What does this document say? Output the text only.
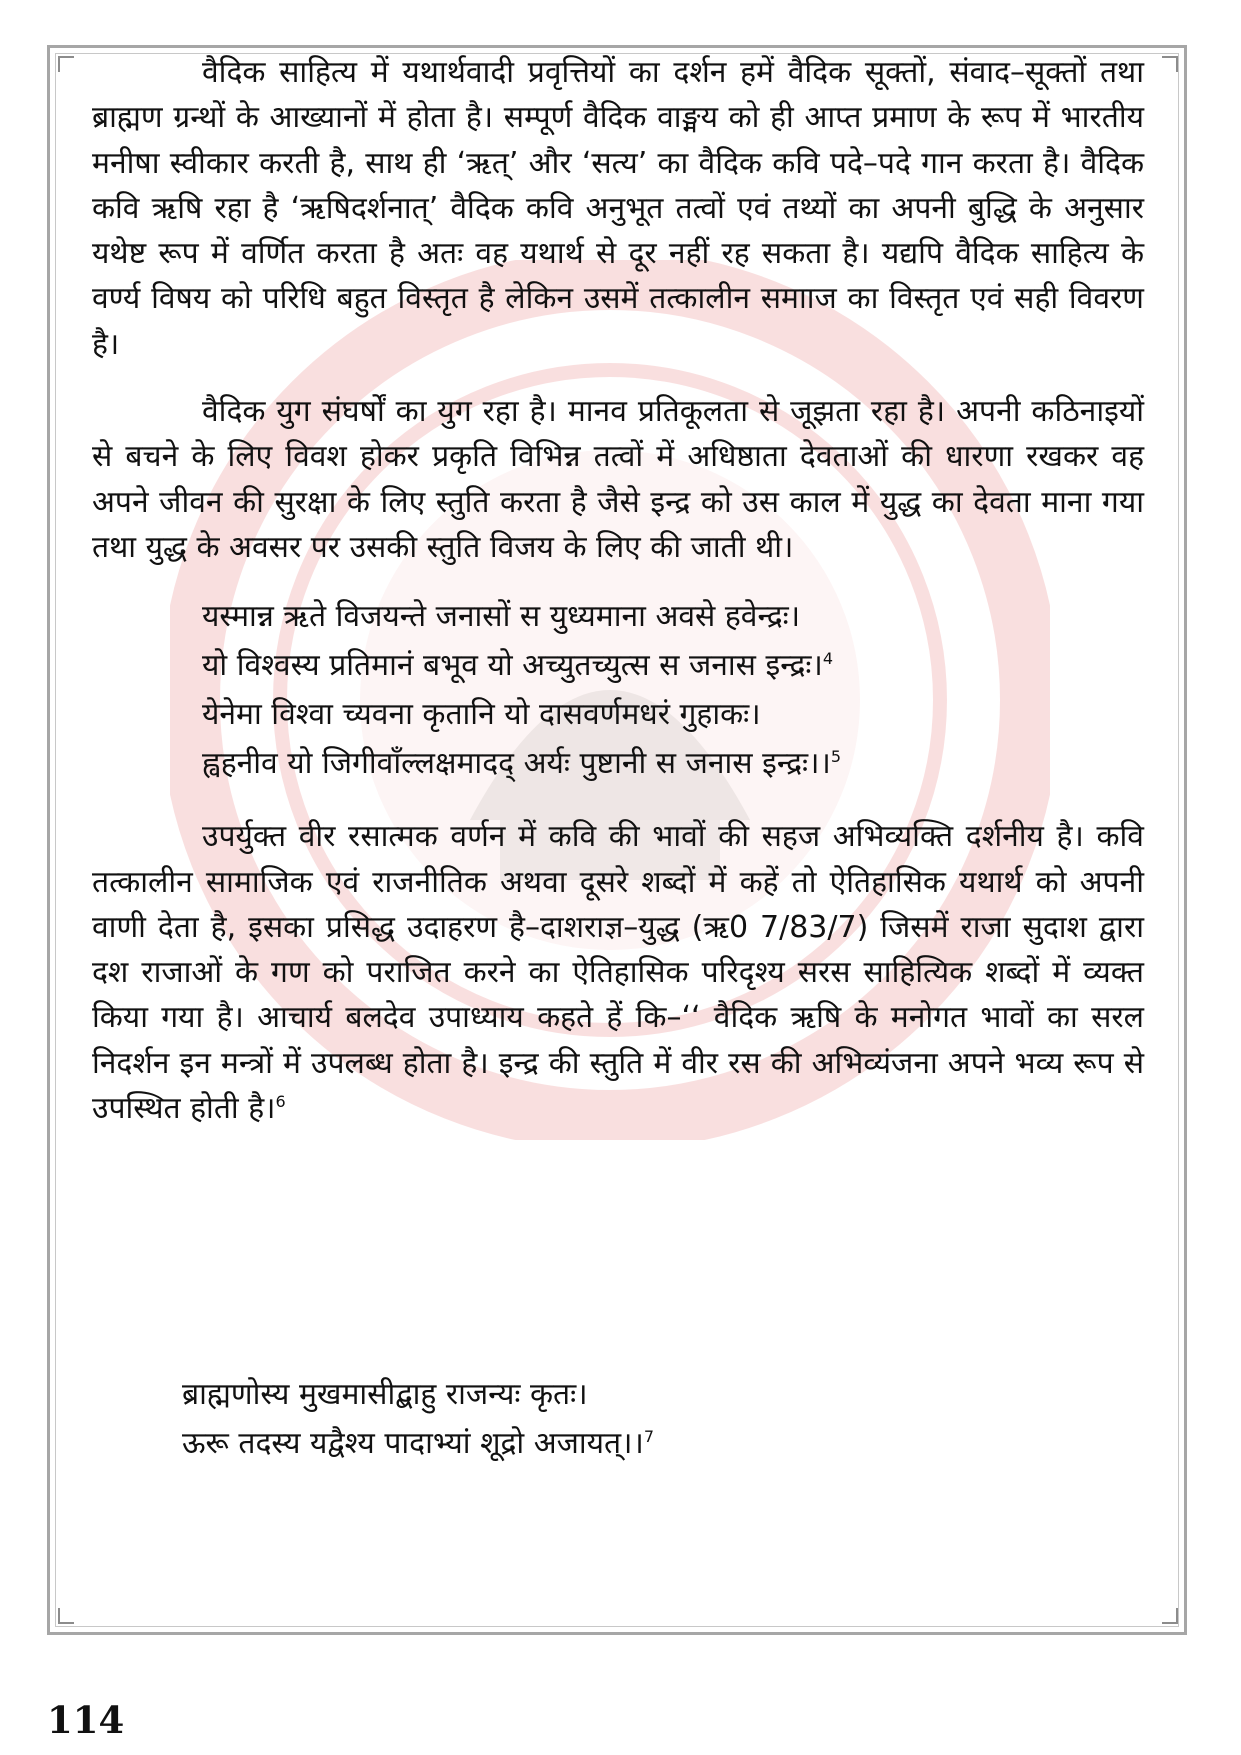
वैदिक साहित्य में यथार्थवादी प्रवृत्तियों का दर्शन हमें वैदिक सूक्तों, संवाद–सूक्तों तथा ब्राह्मण ग्रन्थों के आख्यानों में होता है। सम्पूर्ण वैदिक वाङ्मय को ही आप्त प्रमाण के रूप में भारतीय मनीषा स्वीकार करती है, साथ ही ‘ऋत्’ और ‘सत्य’ का वैदिक कवि पदे–पदे गान करता है। वैदिक कवि ऋषि रहा है ‘ऋषिदर्शनात्’ वैदिक कवि अनुभूत तत्वों एवं तथ्यों का अपनी बुद्धि के अनुसार यथेष्ट रूप में वर्णित करता है अतः वह यथार्थ से दूर नहीं रह सकता है। यद्यपि वैदिक साहित्य के वर्ण्य विषय को परिधि बहुत विस्तृत है लेकिन उसमें तत्कालीन समााज का विस्तृत एवं सही विवरण है।

वैदिक युग संघर्षों का युग रहा है। मानव प्रतिकूलता से जूझता रहा है। अपनी कठिनाइयों से बचने के लिए विवश होकर प्रकृति विभिन्न तत्वों में अधिष्ठाता देवताओं की धारणा रखकर वह अपने जीवन की सुरक्षा के लिए स्तुति करता है जैसे इन्द्र को उस काल में युद्ध का देवता माना गया तथा युद्ध के अवसर पर उसकी स्तुति विजय के लिए की जाती थी।

यस्मान्न ऋते विजयन्ते जनासों स युध्यमाना अवसे हवेन्द्रः।
यो विश्वस्य प्रतिमानं बभूव यो अच्युतच्युत्स स जनास इन्द्रः।$^4$
येनेमा विश्वा च्यवना कृतानि यो दासवर्णमधरं गुहाकः।
ह्वहनीव यो जिगीवाँल्लक्षमादद् अर्यः पुष्टानी स जनास इन्द्रः।।$^5$

उपर्युक्त वीर रसात्मक वर्णन में कवि की भावों की सहज अभिव्यक्ति दर्शनीय है। कवि तत्कालीन सामाजिक एवं राजनीतिक अथवा दूसरे शब्दों में कहें तो ऐतिहासिक यथार्थ को अपनी वाणी देता है, इसका प्रसिद्ध उदाहरण है–दाशराज्ञ–युद्ध (ऋ0 7/83/7) जिसमें राजा सुदाश द्वारा दश राजाओं के गण को पराजित करने का ऐतिहासिक परिदृश्य सरस साहित्यिक शब्दों में व्यक्त किया गया है। आचार्य बलदेव उपाध्याय कहते हें कि–‘‘ वैदिक ऋषि के मनोगत भावों का सरल निदर्शन इन मन्त्रों में उपलब्ध होता है। इन्द्र की स्तुति में वीर रस की अभिव्यंजना अपने भव्य रूप से उपस्थित होती है।$^6$

ब्राह्मणोस्य मुखमासीद्बाहु राजन्यः कृतः।
ऊरू तदस्य यद्वैश्य पादाभ्यां शूद्रो अजायत्।।$^7$
114
